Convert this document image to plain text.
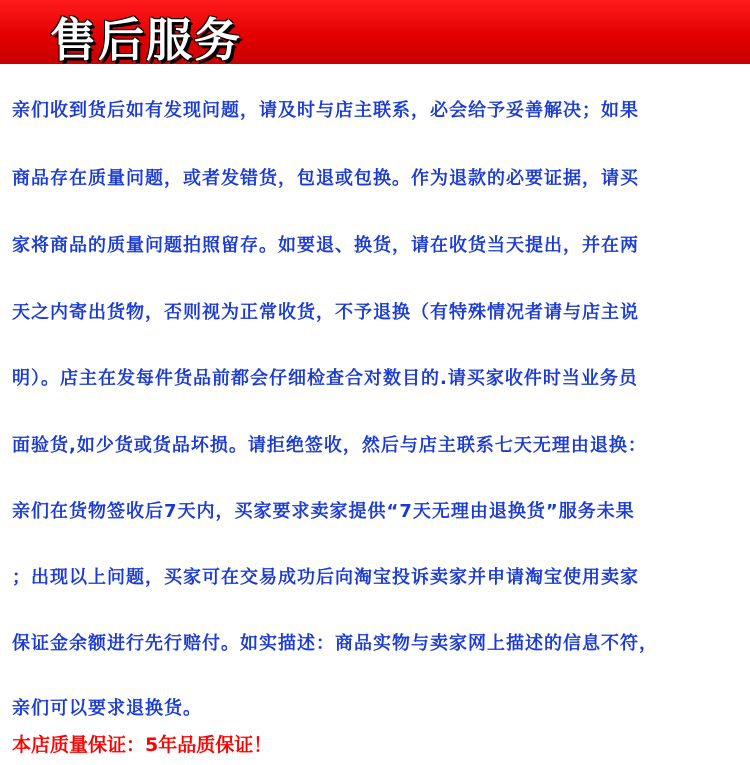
售后服务
亲们收到货后如有发现问题，请及时与店主联系，必会给予妥善解决；如果
商品存在质量问题，或者发错货，包退或包换。作为退款的必要证据，请买
家将商品的质量问题拍照留存。如要退、换货，请在收货当天提出，并在两
天之内寄出货物，否则视为正常收货，不予退换（有特殊情况者请与店主说
明）。店主在发每件货品前都会仔细检查合对数目的.请买家收件时当业务员
面验货,如少货或货品坏损。请拒绝签收，然后与店主联系七天无理由退换：
亲们在货物签收后7天内，买家要求卖家提供“7天无理由退换货”服务未果
；出现以上问题，买家可在交易成功后向淘宝投诉卖家并申请淘宝使用卖家
保证金余额进行先行赔付。如实描述：商品实物与卖家网上描述的信息不符，
亲们可以要求退换货。
本店质量保证：5年品质保证！
